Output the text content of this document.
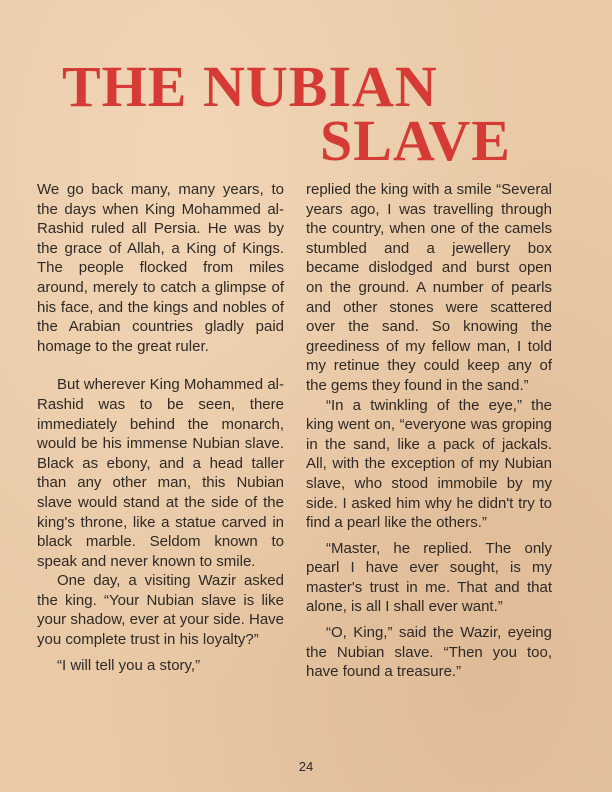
THE NUBIAN
SLAVE

We go back many, many years, to the days when King Mohammed al-Rashid ruled all Persia. He was by the grace of Allah, a King of Kings. The people flocked from miles around, merely to catch a glimpse of his face, and the kings and nobles of the Arabian countries gladly paid homage to the great ruler.

But wherever King Mohammed al-Rashid was to be seen, there immediately behind the monarch, would be his immense Nubian slave. Black as ebony, and a head taller than any other man, this Nubian slave would stand at the side of the king's throne, like a statue carved in black marble. Seldom known to speak and never known to smile.

One day, a visiting Wazir asked the king. “Your Nubian slave is like your shadow, ever at your side. Have you complete trust in his loyalty?”

“I will tell you a story,”

replied the king with a smile “Several years ago, I was travelling through the country, when one of the camels stumbled and a jewellery box became dislodged and burst open on the ground. A number of pearls and other stones were scattered over the sand. So knowing the greediness of my fellow man, I told my retinue they could keep any of the gems they found in the sand.”

“In a twinkling of the eye,” the king went on, “everyone was groping in the sand, like a pack of jackals. All, with the exception of my Nubian slave, who stood immobile by my side. I asked him why he didn't try to find a pearl like the others.”

“Master, he replied. The only pearl I have ever sought, is my master's trust in me. That and that alone, is all I shall ever want.”

“O, King,” said the Wazir, eyeing the Nubian slave. “Then you too, have found a treasure.”

24
